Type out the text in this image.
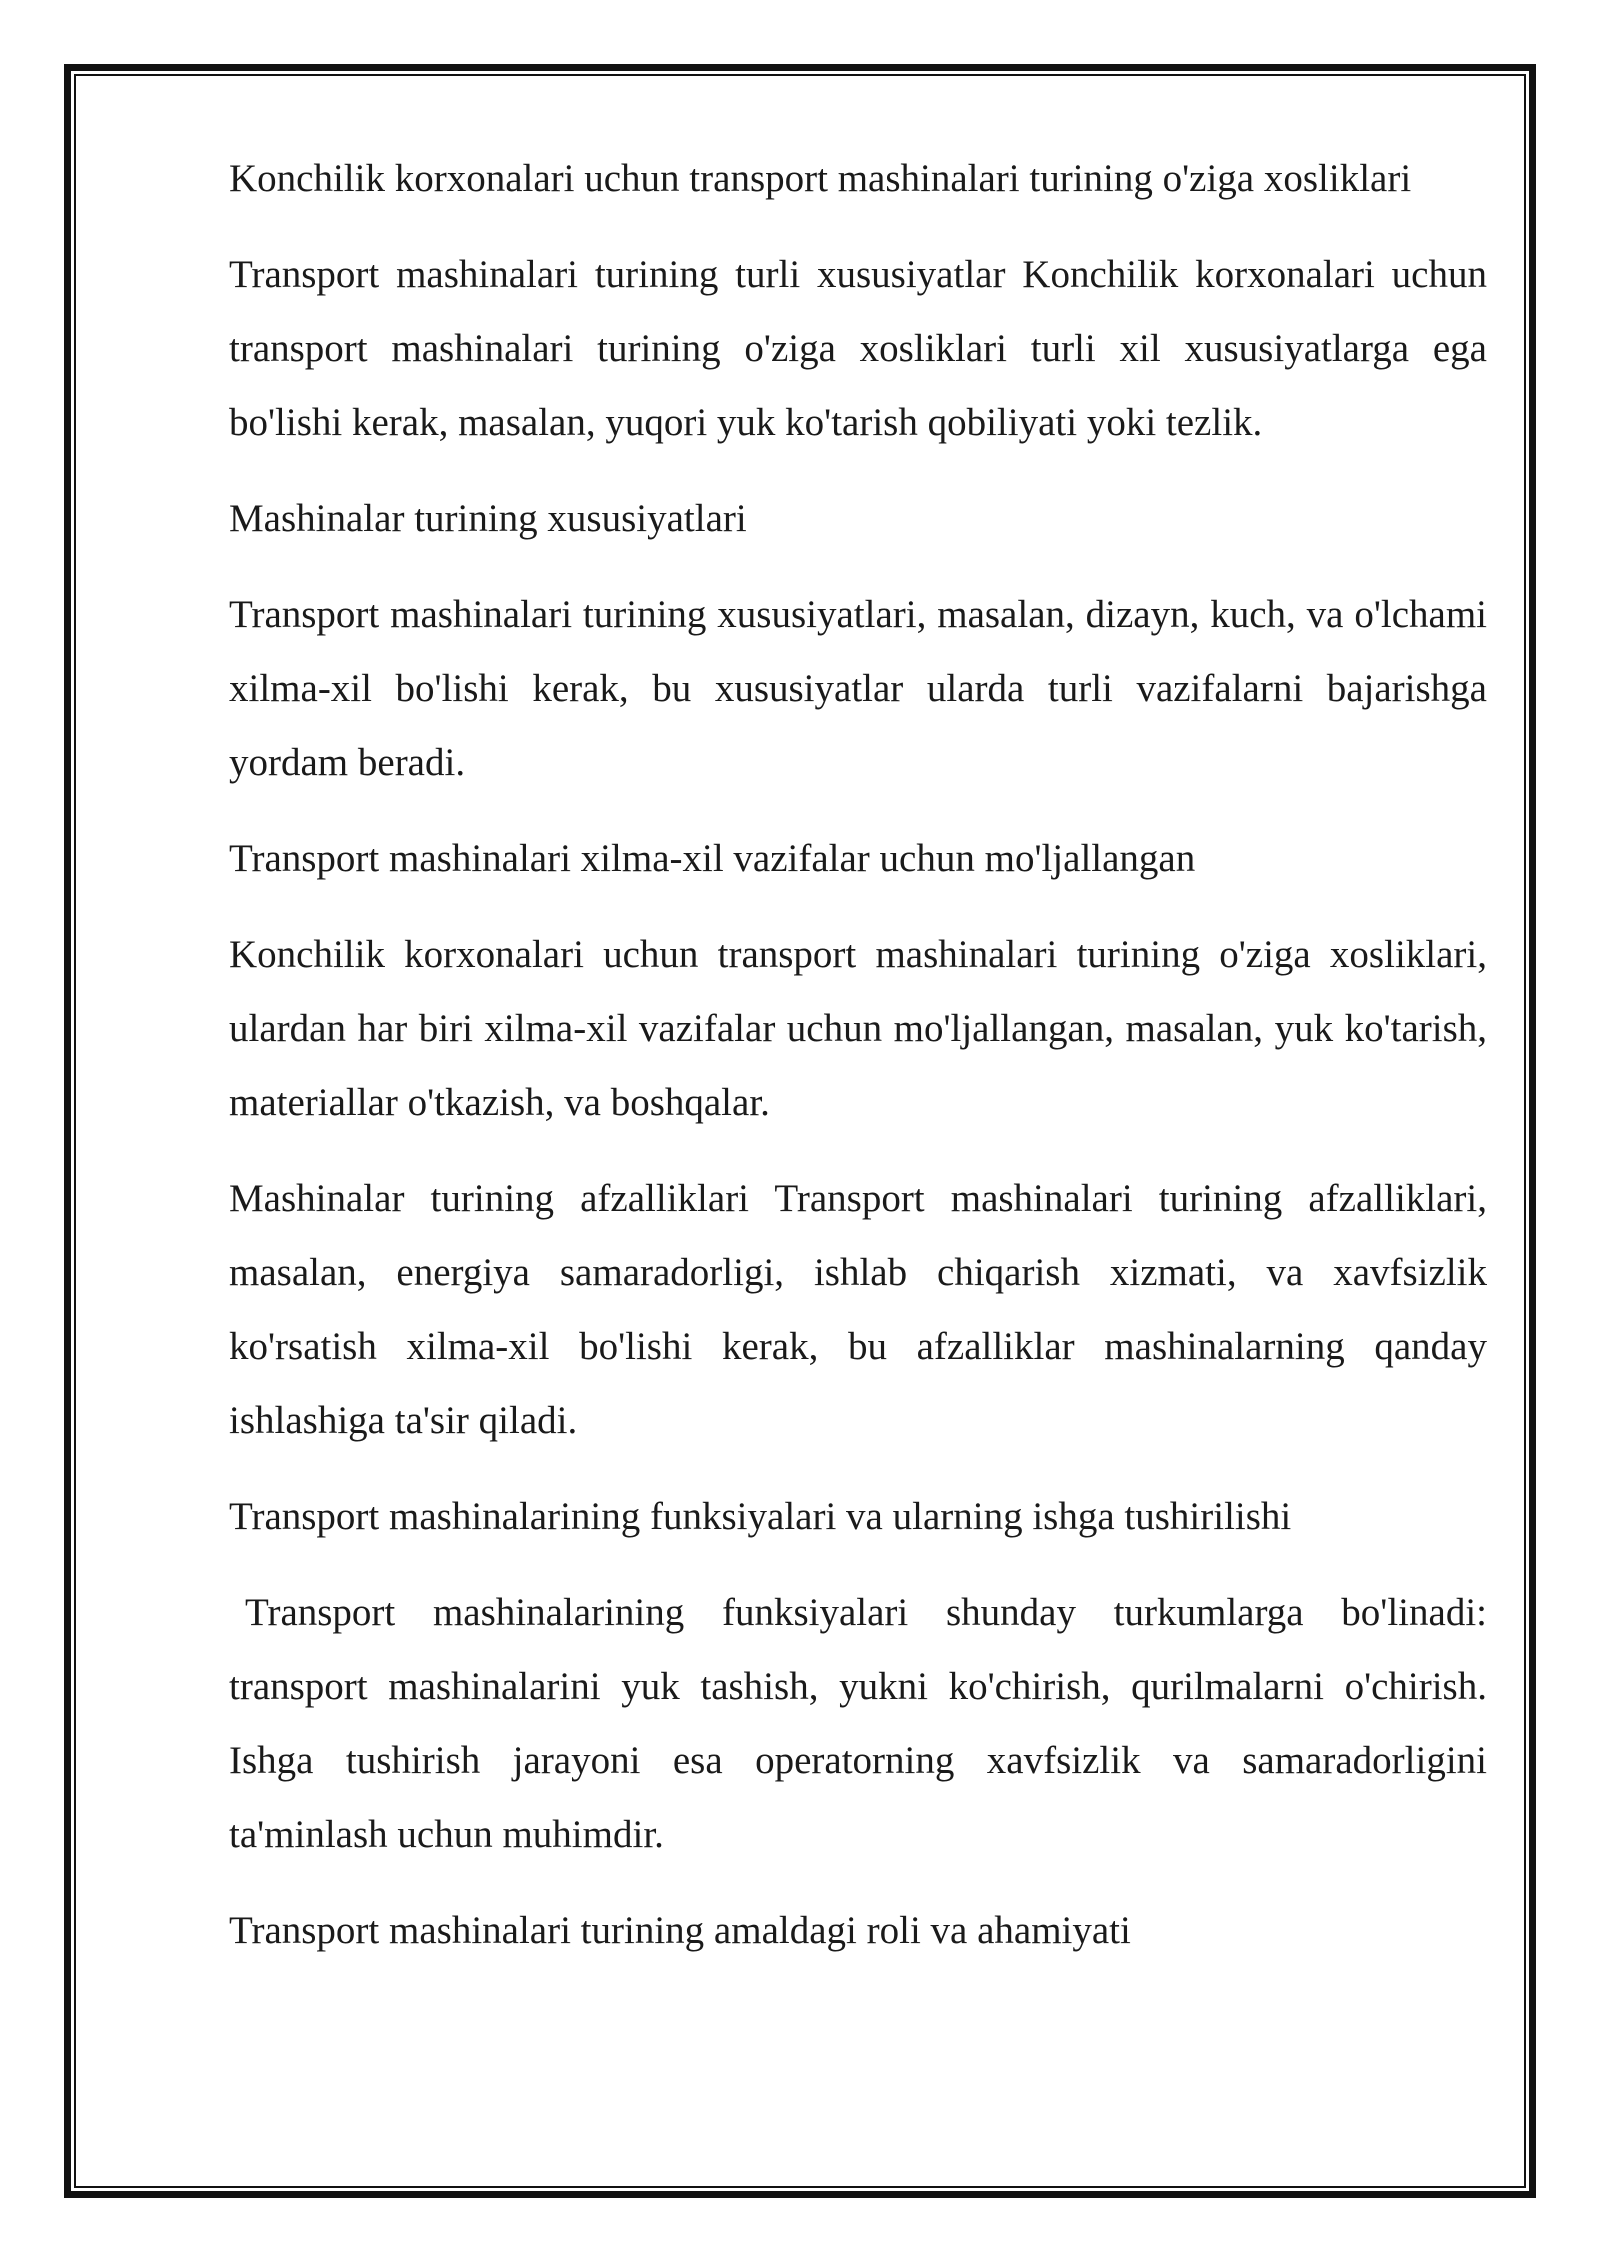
Konchilik korxonalari uchun transport mashinalari turining o'ziga xosliklari

Transport mashinalari turining turli xususiyatlar Konchilik korxonalari uchun transport mashinalari turining o'ziga xosliklari turli xil xususiyatlarga ega bo'lishi kerak, masalan, yuqori yuk ko'tarish qobiliyati yoki tezlik.

Mashinalar turining xususiyatlari

Transport mashinalari turining xususiyatlari, masalan, dizayn, kuch, va o'lchami xilma-xil bo'lishi kerak, bu xususiyatlar ularda turli vazifalarni bajarishga yordam beradi.

Transport mashinalari xilma-xil vazifalar uchun mo'ljallangan

Konchilik korxonalari uchun transport mashinalari turining o'ziga xosliklari, ulardan har biri xilma-xil vazifalar uchun mo'ljallangan, masalan, yuk ko'tarish, materiallar o'tkazish, va boshqalar.

Mashinalar turining afzalliklari Transport mashinalari turining afzalliklari, masalan, energiya samaradorligi, ishlab chiqarish xizmati, va xavfsizlik ko'rsatish xilma-xil bo'lishi kerak, bu afzalliklar mashinalarning qanday ishlashiga ta'sir qiladi.

Transport mashinalarining funksiyalari va ularning ishga tushirilishi

Transport mashinalarining funksiyalari shunday turkumlarga bo'linadi: transport mashinalarini yuk tashish, yukni ko'chirish, qurilmalarni o'chirish. Ishga tushirish jarayoni esa operatorning xavfsizlik va samaradorligini ta'minlash uchun muhimdir.

Transport mashinalari turining amaldagi roli va ahamiyati
